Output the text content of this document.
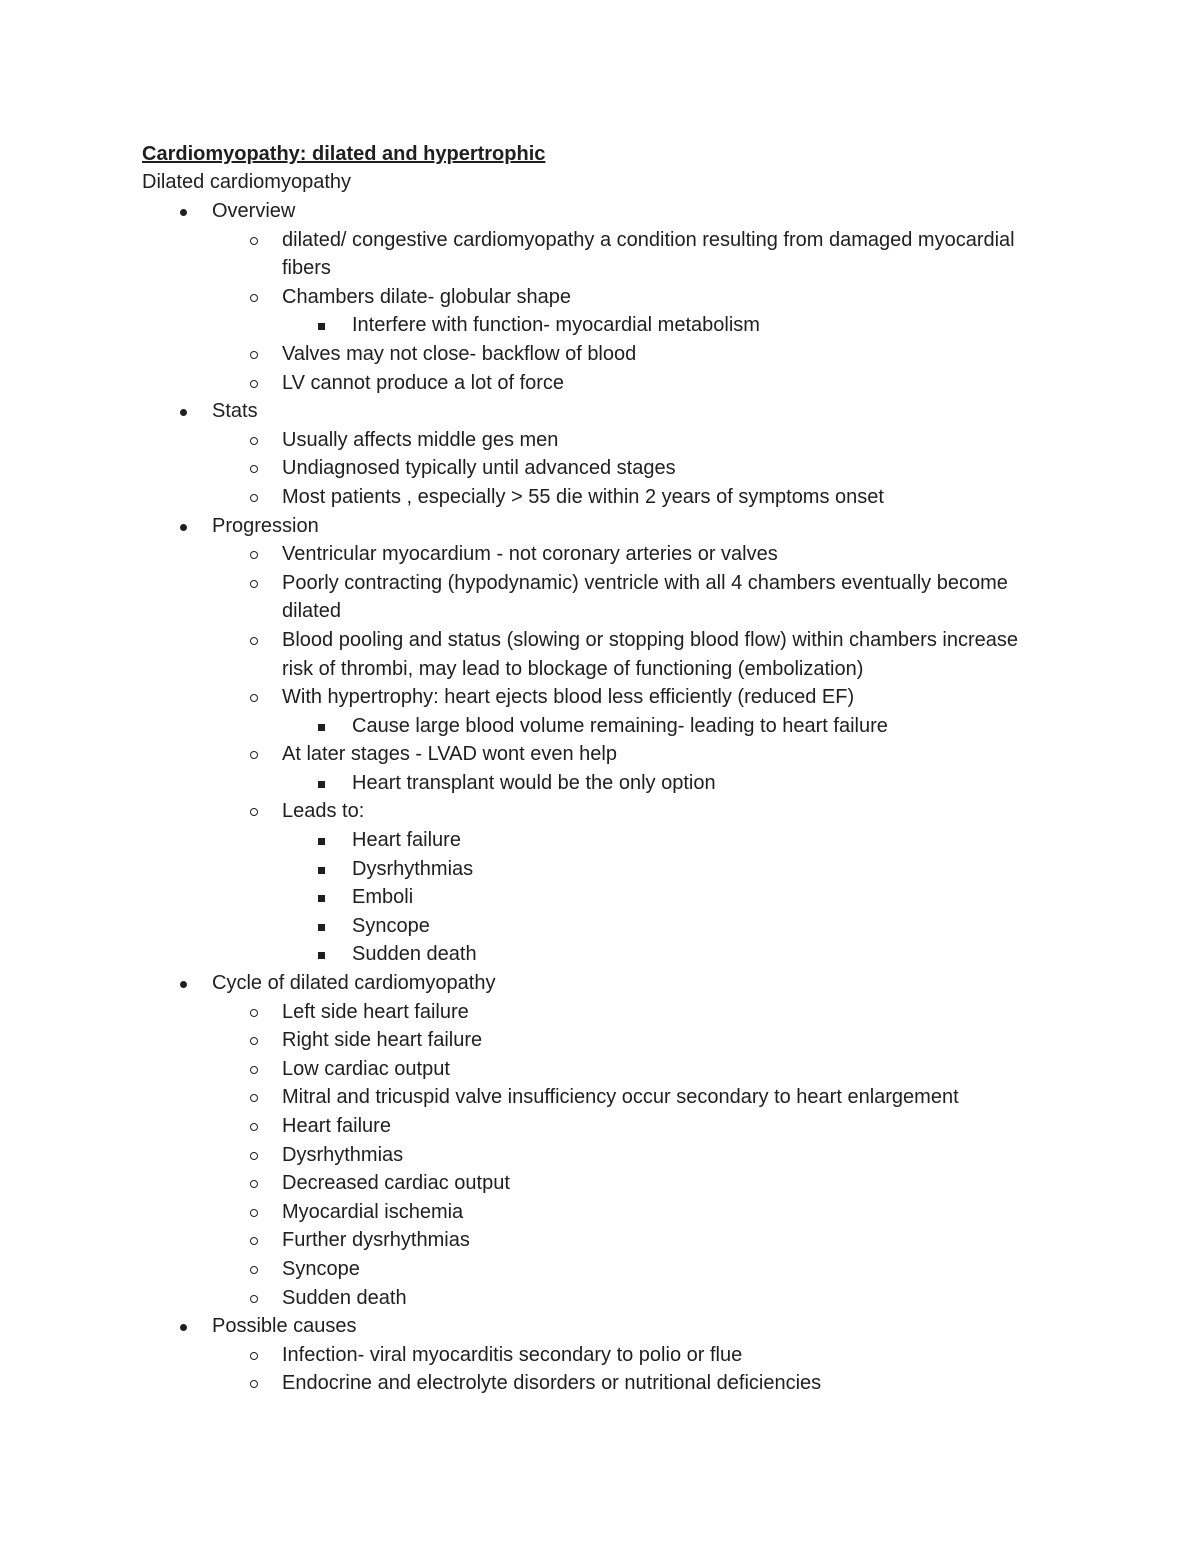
Cardiomyopathy: dilated and hypertrophic

Dilated cardiomyopathy

Overview
dilated/ congestive cardiomyopathy a condition resulting from damaged myocardial fibers
Chambers dilate- globular shape
Interfere with function- myocardial metabolism
Valves may not close- backflow of blood
LV cannot produce a lot of force
Stats
Usually affects middle ges men
Undiagnosed typically until advanced stages
Most patients , especially > 55 die within 2 years of symptoms onset
Progression
Ventricular myocardium - not coronary arteries or valves
Poorly contracting (hypodynamic) ventricle with all 4 chambers eventually become dilated
Blood pooling and status (slowing or stopping blood flow) within chambers increase risk of thrombi, may lead to blockage of functioning (embolization)
With hypertrophy: heart ejects blood less efficiently (reduced EF)
Cause large blood volume remaining- leading to heart failure
At later stages - LVAD wont even help
Heart transplant would be the only option
Leads to:
Heart failure
Dysrhythmias
Emboli
Syncope
Sudden death
Cycle of dilated cardiomyopathy
Left side heart failure
Right side heart failure
Low cardiac output
Mitral and tricuspid valve insufficiency occur secondary to heart enlargement
Heart failure
Dysrhythmias
Decreased cardiac output
Myocardial ischemia
Further dysrhythmias
Syncope
Sudden death
Possible causes
Infection- viral myocarditis secondary to polio or flue
Endocrine and electrolyte disorders or nutritional deficiencies
